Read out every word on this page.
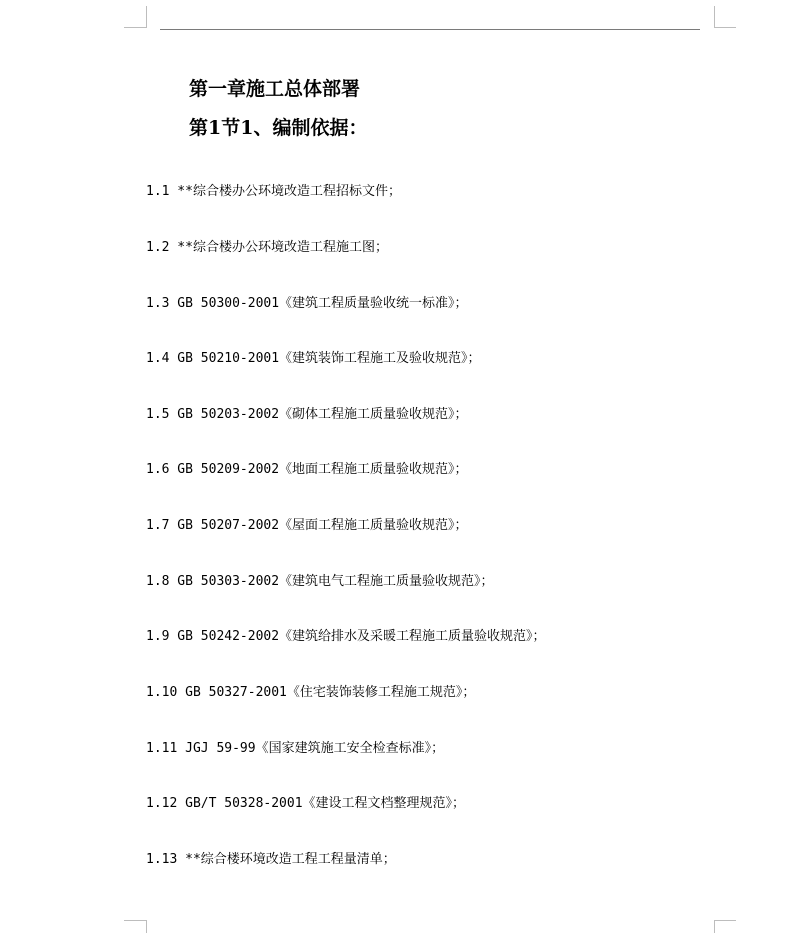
第一章施工总体部署
第1节1、编制依据：
1.1 **综合楼办公环境改造工程招标文件；
1.2 **综合楼办公环境改造工程施工图；
1.3 GB 50300-2001《建筑工程质量验收统一标准》；
1.4 GB 50210-2001《建筑装饰工程施工及验收规范》；
1.5 GB 50203-2002《砌体工程施工质量验收规范》；
1.6 GB 50209-2002《地面工程施工质量验收规范》；
1.7 GB 50207-2002《屋面工程施工质量验收规范》；
1.8 GB 50303-2002《建筑电气工程施工质量验收规范》；
1.9 GB 50242-2002《建筑给排水及采暖工程施工质量验收规范》；
1.10 GB 50327-2001《住宅装饰装修工程施工规范》；
1.11 JGJ 59-99《国家建筑施工安全检查标准》；
1.12 GB/T 50328-2001《建设工程文档整理规范》；
1.13 **综合楼环境改造工程工程量清单；
